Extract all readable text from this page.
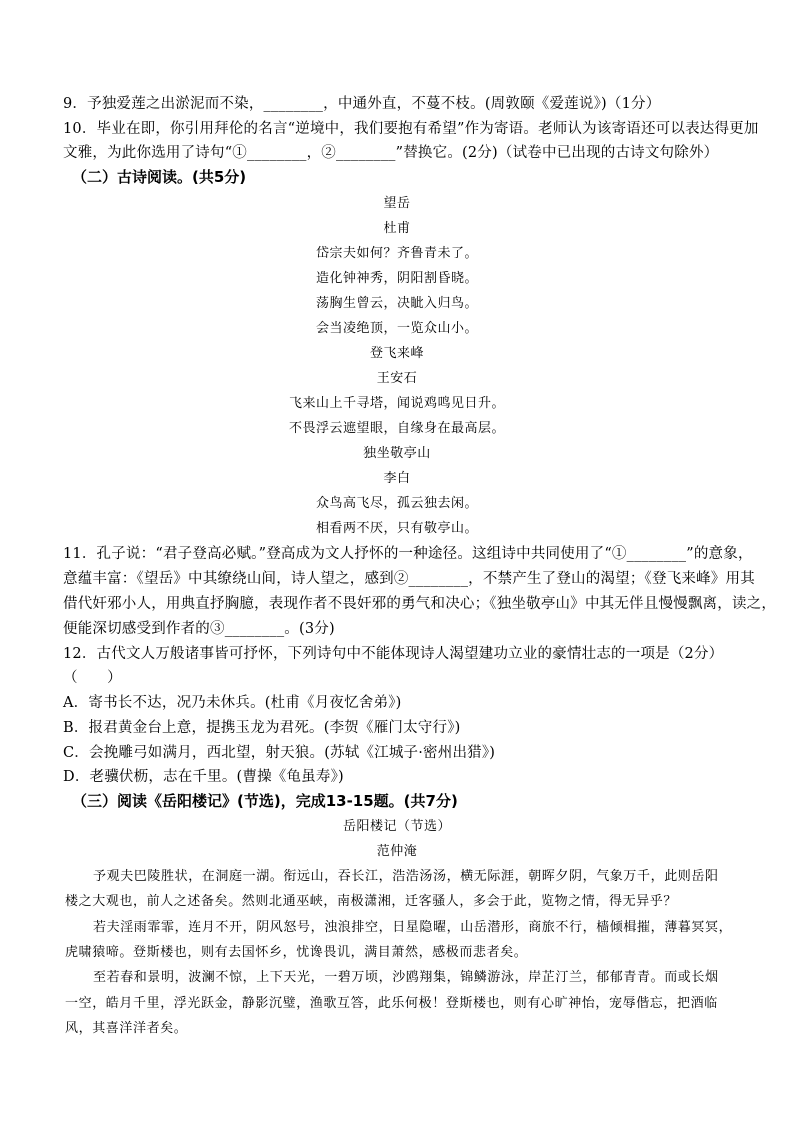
9．予独爱莲之出淤泥而不染，________，中通外直，不蔓不枝。(周敦颐《爱莲说》)（1分）
10．毕业在即，你引用拜伦的名言“逆境中，我们要抱有希望”作为寄语。老师认为该寄语还可以表达得更加
文雅，为此你选用了诗句“①________，②________”替换它。(2分)（试卷中已出现的古诗文句除外）
（二）古诗阅读。(共5分)
望岳
杜甫
岱宗夫如何？齐鲁青未了。
造化钟神秀，阴阳割昏晓。
荡胸生曾云，决眦入归鸟。
会当凌绝顶，一览众山小。
登飞来峰
王安石
飞来山上千寻塔，闻说鸡鸣见日升。
不畏浮云遮望眼，自缘身在最高层。
独坐敬亭山
李白
众鸟高飞尽，孤云独去闲。
相看两不厌，只有敬亭山。
11．孔子说：“君子登高必赋。”登高成为文人抒怀的一种途径。这组诗中共同使用了“①________”的意象，
意蕴丰富：《望岳》中其缭绕山间，诗人望之，感到②________，不禁产生了登山的渴望；《登飞来峰》用其
借代奸邪小人，用典直抒胸臆，表现作者不畏奸邪的勇气和决心；《独坐敬亭山》中其无伴且慢慢飘离，读之，
便能深切感受到作者的③________。(3分)
12．古代文人万般诸事皆可抒怀，下列诗句中不能体现诗人渴望建功立业的豪情壮志的一项是（2分）
（　　）
A．寄书长不达，况乃未休兵。(杜甫《月夜忆舍弟》)
B．报君黄金台上意，提携玉龙为君死。(李贺《雁门太守行》)
C．会挽雕弓如满月，西北望，射天狼。(苏轼《江城子·密州出猎》)
D．老骥伏枥，志在千里。(曹操《龟虽寿》)
（三）阅读《岳阳楼记》(节选)，完成13-15题。(共7分)
岳阳楼记（节选）
范仲淹
予观夫巴陵胜状，在洞庭一湖。衔远山，吞长江，浩浩汤汤，横无际涯，朝晖夕阴，气象万千，此则岳阳
楼之大观也，前人之述备矣。然则北通巫峡，南极潇湘，迁客骚人，多会于此，览物之情，得无异乎？
若夫淫雨霏霏，连月不开，阴风怒号，浊浪排空，日星隐曜，山岳潜形，商旅不行，樯倾楫摧，薄暮冥冥，
虎啸猿啼。登斯楼也，则有去国怀乡，忧谗畏讥，满目萧然，感极而悲者矣。
至若春和景明，波澜不惊，上下天光，一碧万顷，沙鸥翔集，锦鳞游泳，岸芷汀兰，郁郁青青。而或长烟
一空，皓月千里，浮光跃金，静影沉璧，渔歌互答，此乐何极！登斯楼也，则有心旷神怡，宠辱偕忘，把酒临
风，其喜洋洋者矣。
